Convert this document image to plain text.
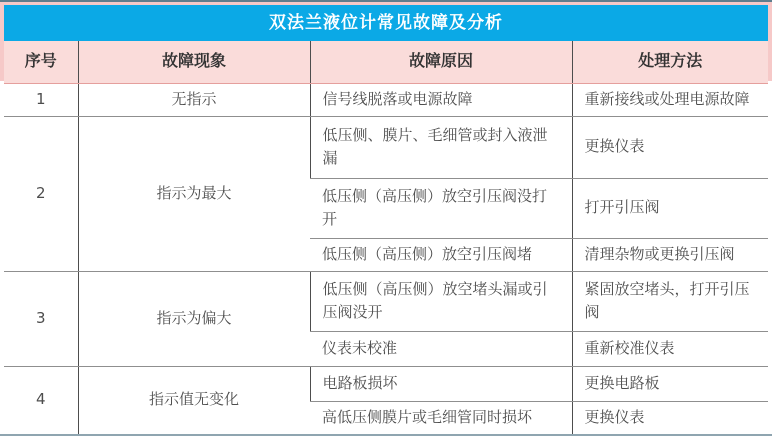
双法兰液位计常见故障及分析
序号	故障现象	故障原因	处理方法
1	无指示	信号线脱落或电源故障	重新接线或处理电源故障
2	指示为最大	低压侧、膜片、毛细管或封入液泄漏	更换仪表
		低压侧（高压侧）放空引压阀没打开	打开引压阀
		低压侧（高压侧）放空引压阀堵	清理杂物或更换引压阀
3	指示为偏大	低压侧（高压侧）放空堵头漏或引压阀没开	紧固放空堵头，打开引压阀
		仪表未校准	重新校准仪表
4	指示值无变化	电路板损坏	更换电路板
		高低压侧膜片或毛细管同时损坏	更换仪表
